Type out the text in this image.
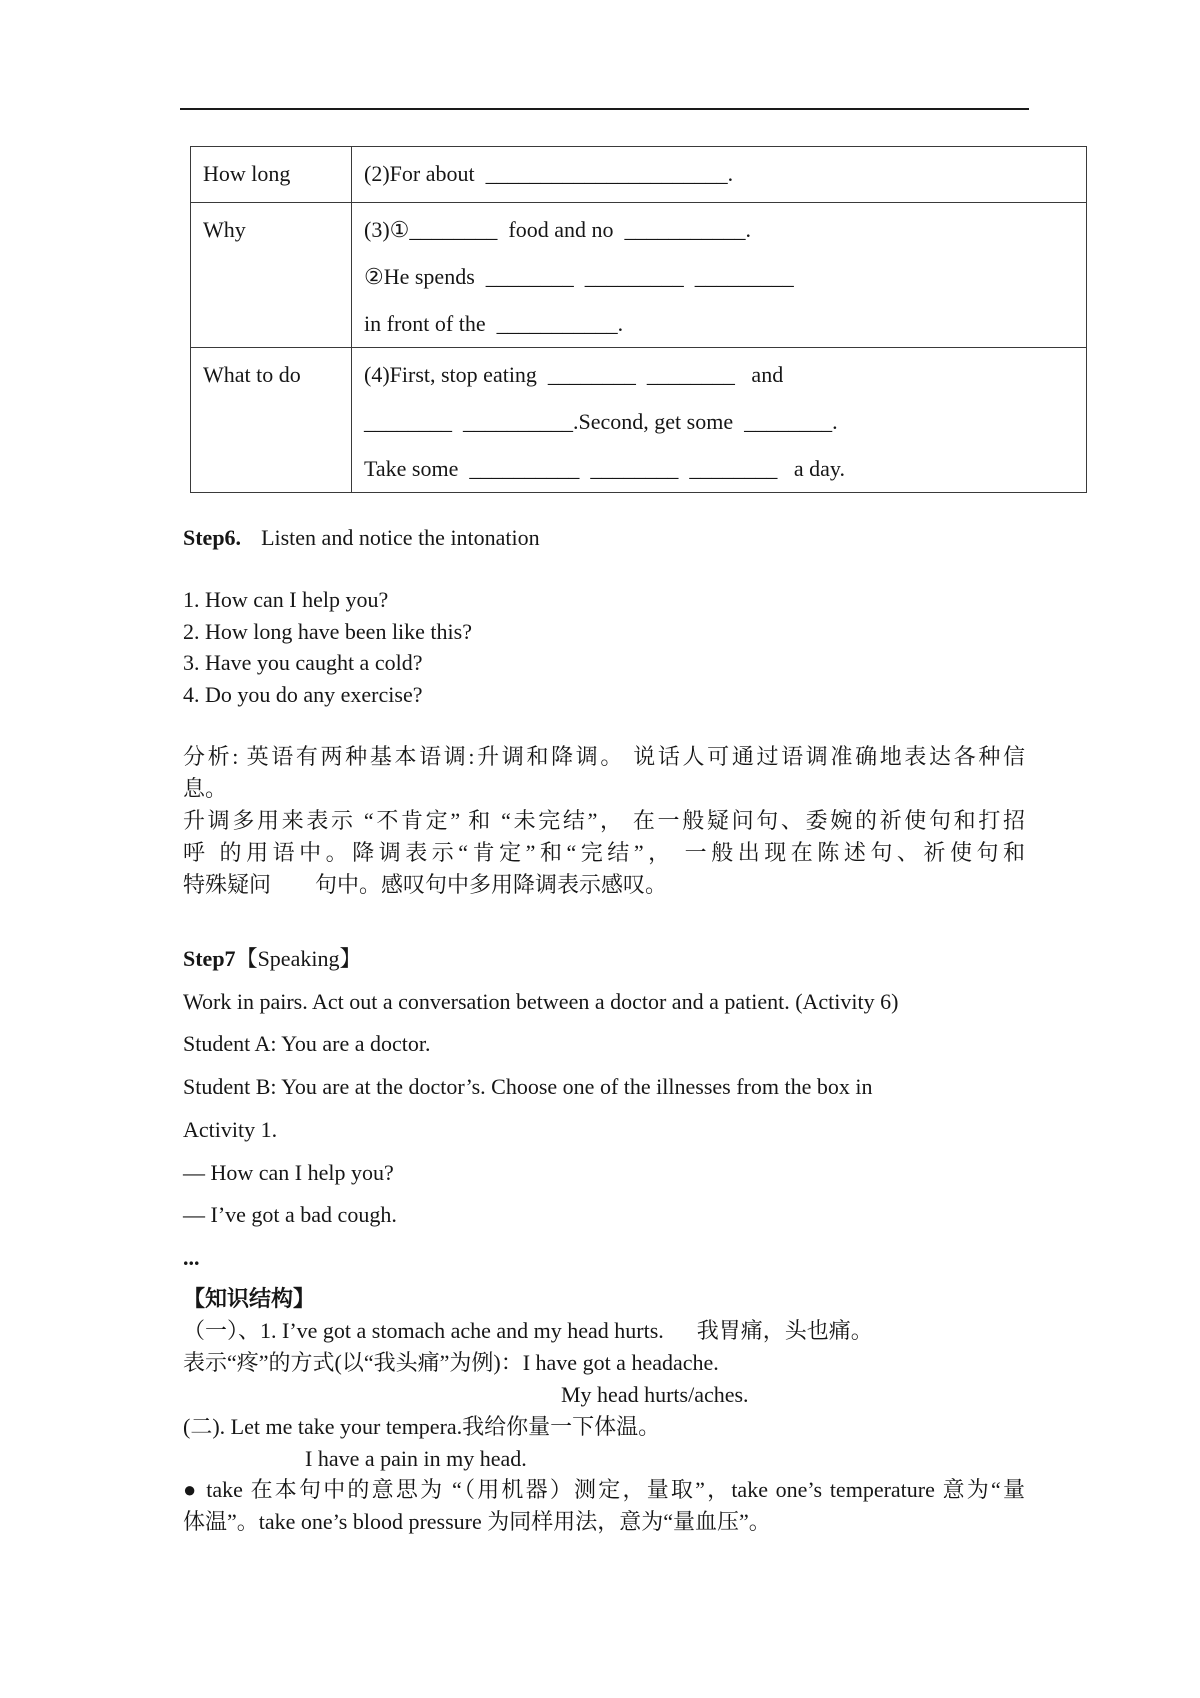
How long	(2)For about  ______________________.

Why	(3)①________  food and no  ___________.
②He spends  ________  _________  _________
in front of the  ___________.

What to do	(4)First, stop eating  ________  ________   and
________  __________.Second, get some  ________.
Take some  __________  ________  ________   a day.
Step6. Listen and notice the intonation
1. How can I help you?
2. How long have been like this?
3. Have you caught a cold?
4. Do you do any exercise?
分析: 英语有两种基本语调:升调和降调。 说话人可通过语调准确地表达各种信
息。
升调多用来表示 “不肯定” 和 “未完结”， 在一般疑问句、委婉的祈使句和打招
呼 的用语中。降调表示“肯定”和“完结”， 一般出现在陈述句、祈使句和
特殊疑问        句中。感叹句中多用降调表示感叹。
Step7【Speaking】
Work in pairs. Act out a conversation between a doctor and a patient. (Activity 6)
Student A: You are a doctor.
Student B: You are at the doctor’s. Choose one of the illnesses from the box in
Activity 1.
— How can I help you?
— I’ve got a bad cough.
...
【知识结构】
（一）、1. I’ve got a stomach ache and my head hurts.      我胃痛，头也痛。
表示“疼”的方式(以“我头痛”为例)：I have got a headache.
My head hurts/aches.
(二). Let me take your tempera.我给你量一下体温。
I have a pain in my head.
● take 在本句中的意思为 “（用机器）测定，量取”，take one’s temperature 意为“量
体温”。take one’s blood pressure 为同样用法，意为“量血压”。
